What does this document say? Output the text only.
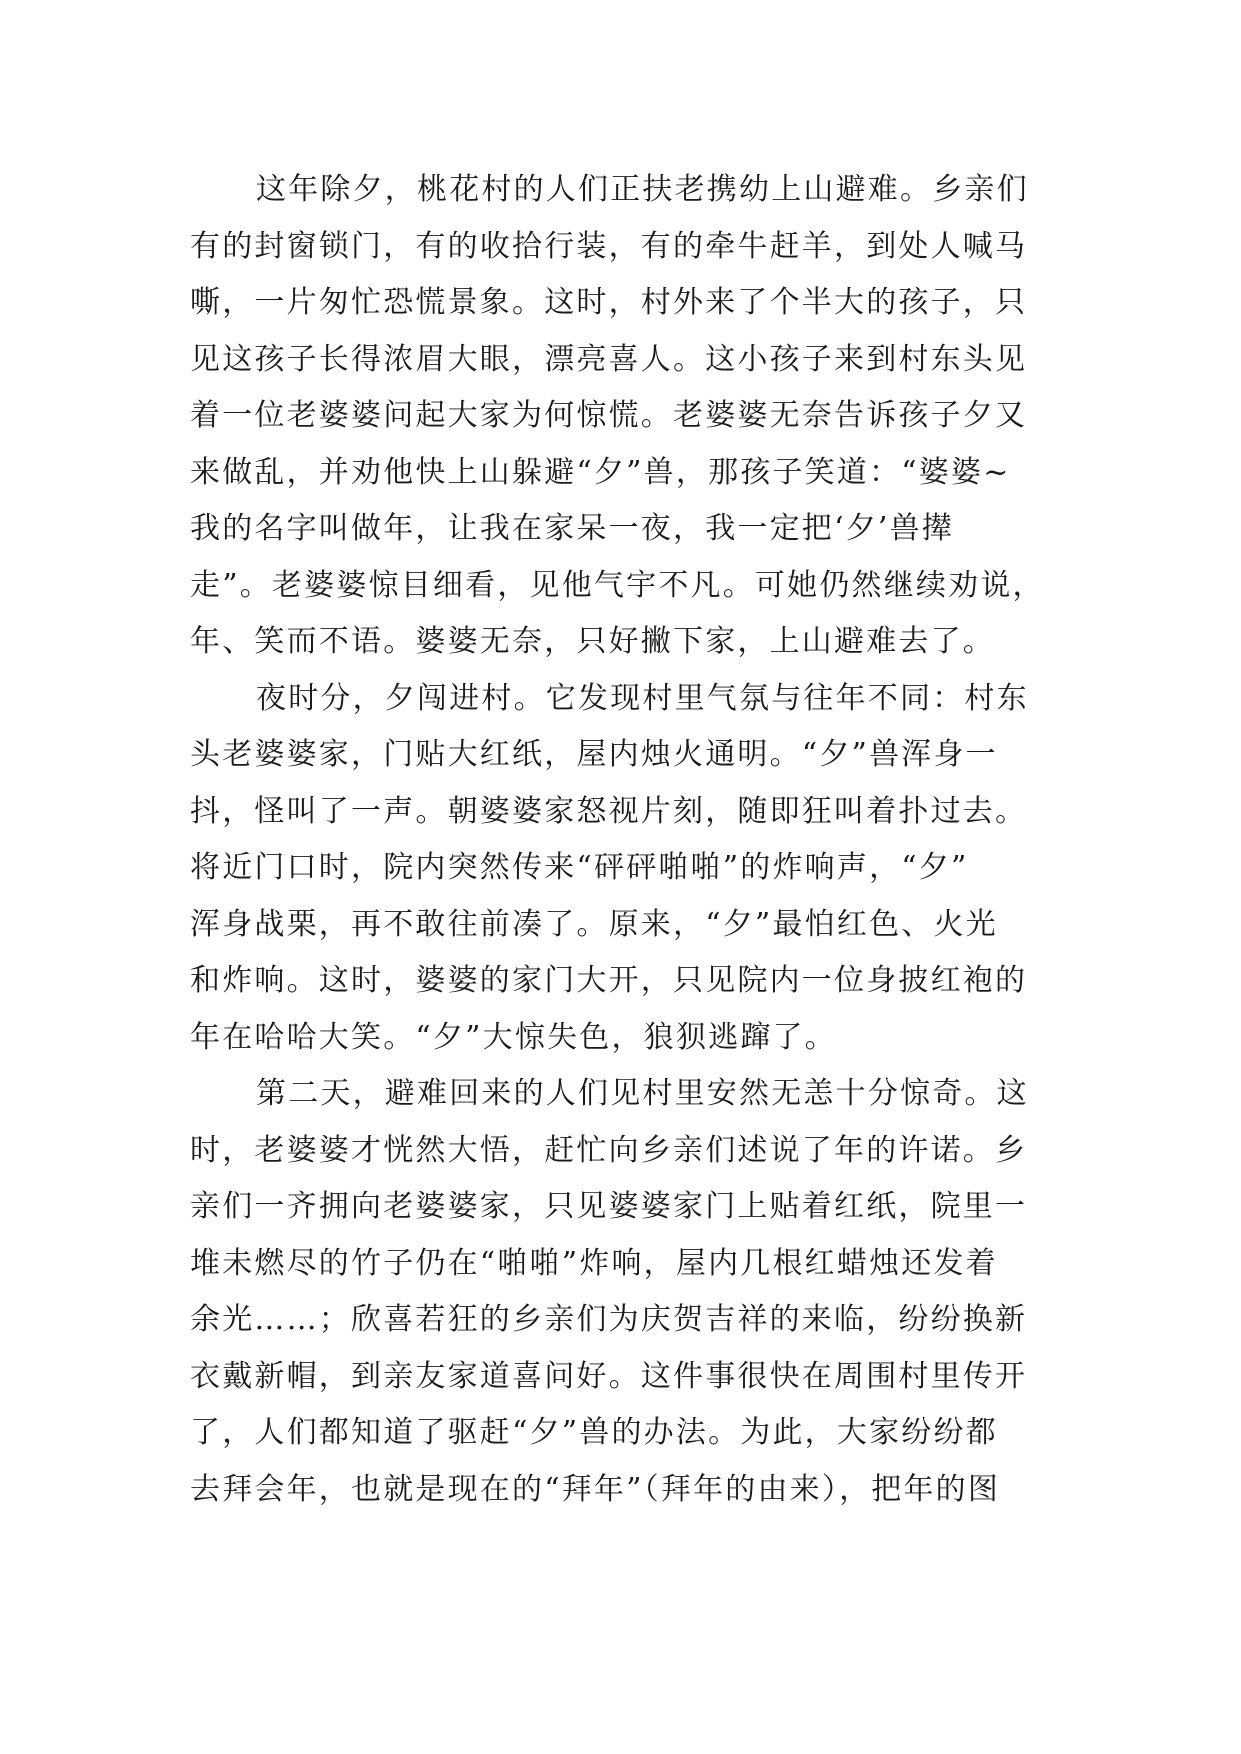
这年除夕，桃花村的人们正扶老携幼上山避难。乡亲们
有的封窗锁门，有的收拾行装，有的牵牛赶羊，到处人喊马
嘶，一片匆忙恐慌景象。这时，村外来了个半大的孩子，只
见这孩子长得浓眉大眼，漂亮喜人。这小孩子来到村东头见
着一位老婆婆问起大家为何惊慌。老婆婆无奈告诉孩子夕又
来做乱，并劝他快上山躲避“夕”兽，那孩子笑道：“婆婆~
我的名字叫做年，让我在家呆一夜，我一定把‘夕’兽撵
走”。老婆婆惊目细看，见他气宇不凡。可她仍然继续劝说，
年、笑而不语。婆婆无奈，只好撇下家，上山避难去了。
夜时分，夕闯进村。它发现村里气氛与往年不同：村东
头老婆婆家，门贴大红纸，屋内烛火通明。“夕”兽浑身一
抖，怪叫了一声。朝婆婆家怒视片刻，随即狂叫着扑过去。
将近门口时，院内突然传来“砰砰啪啪”的炸响声，“夕”
浑身战栗，再不敢往前凑了。原来，“夕”最怕红色、火光
和炸响。这时，婆婆的家门大开，只见院内一位身披红袍的
年在哈哈大笑。“夕”大惊失色，狼狈逃蹿了。
第二天，避难回来的人们见村里安然无恙十分惊奇。这
时，老婆婆才恍然大悟，赶忙向乡亲们述说了年的许诺。乡
亲们一齐拥向老婆婆家，只见婆婆家门上贴着红纸，院里一
堆未燃尽的竹子仍在“啪啪”炸响，屋内几根红蜡烛还发着
余光……；欣喜若狂的乡亲们为庆贺吉祥的来临，纷纷换新
衣戴新帽，到亲友家道喜问好。这件事很快在周围村里传开
了，人们都知道了驱赶“夕”兽的办法。为此，大家纷纷都
去拜会年，也就是现在的“拜年”（拜年的由来），把年的图
